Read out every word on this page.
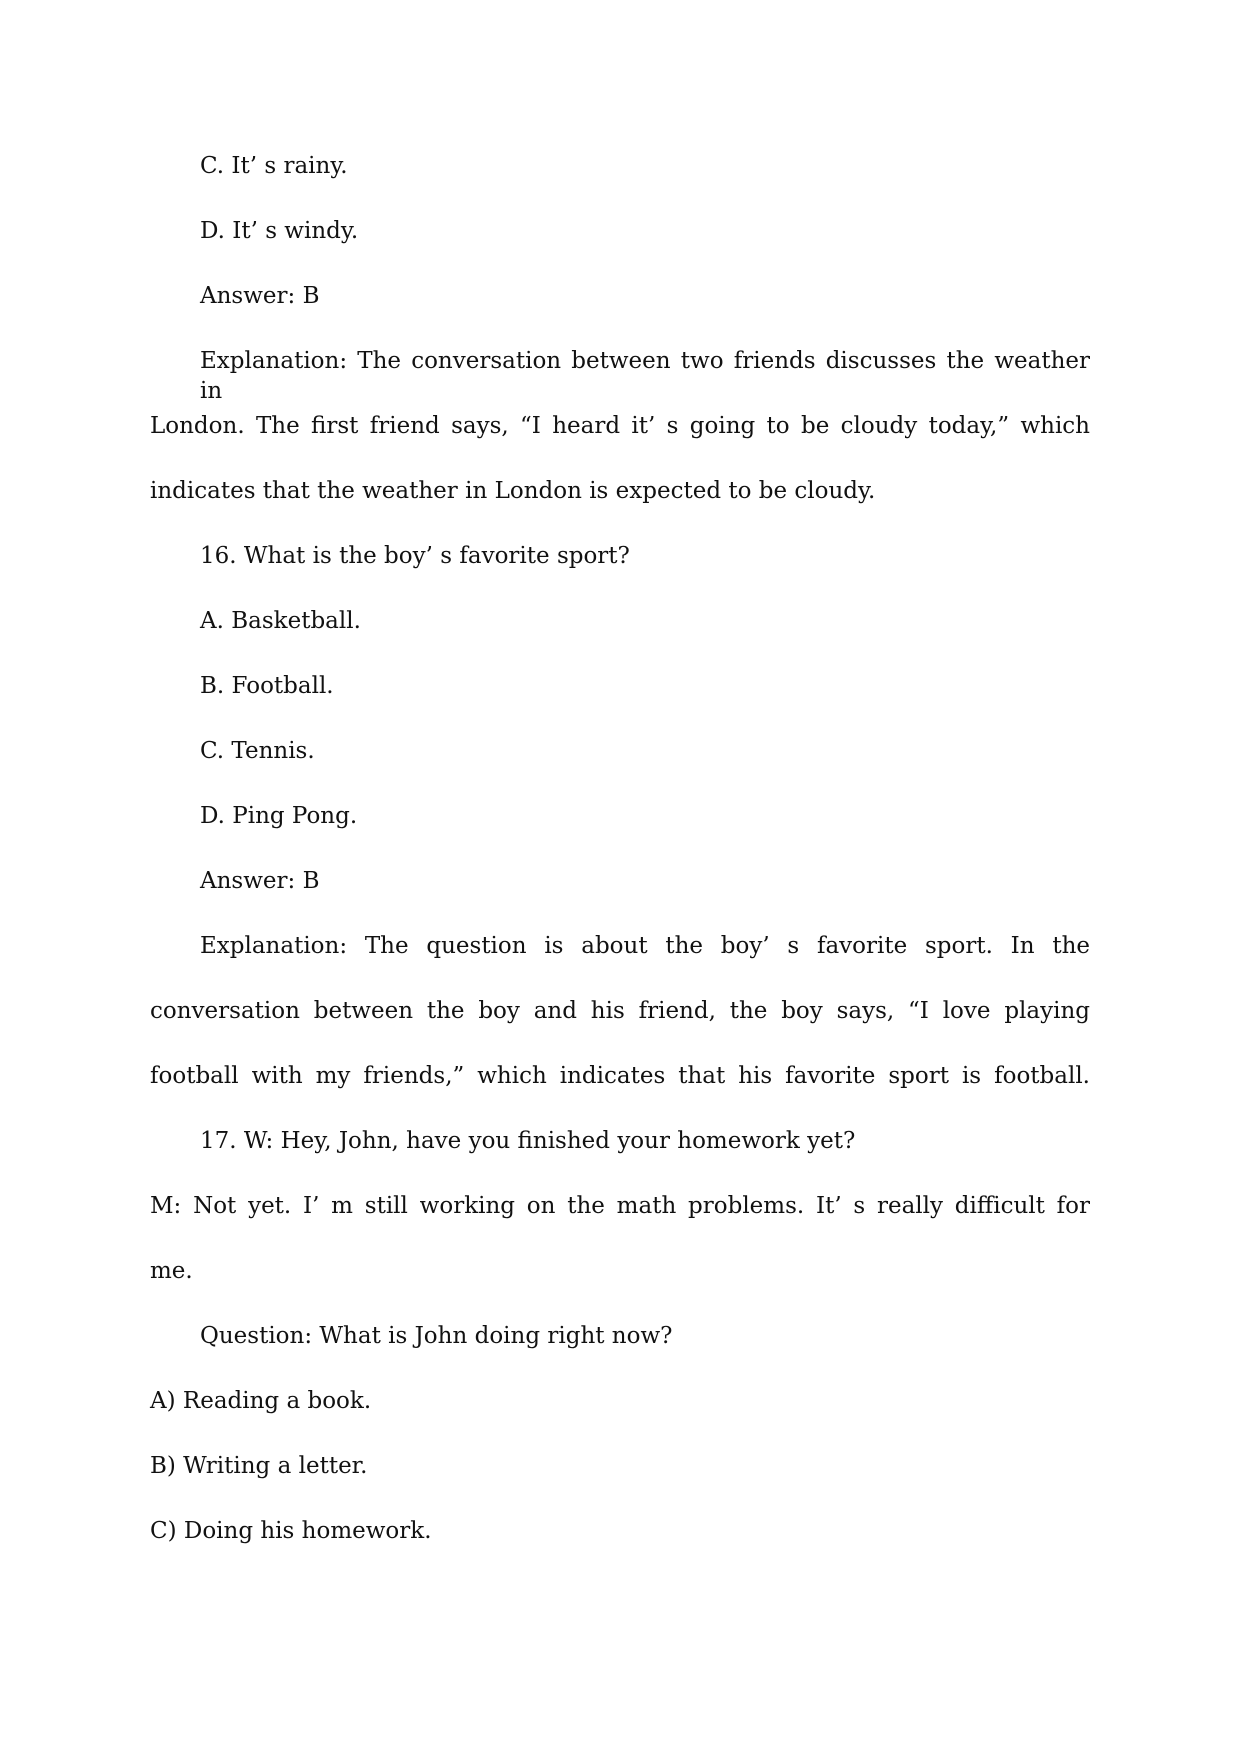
C. It’ s rainy.
D. It’ s windy.
Answer: B
Explanation: The conversation between two friends discusses the weather in
London. The first friend says, “I heard it’ s going to be cloudy today,” which
indicates that the weather in London is expected to be cloudy.
16. What is the boy’ s favorite sport?
A. Basketball.
B. Football.
C. Tennis.
D. Ping Pong.
Answer: B
Explanation: The question is about the boy’ s favorite sport. In the
conversation between the boy and his friend, the boy says, “I love playing
football with my friends,” which indicates that his favorite sport is football.
17. W: Hey, John, have you finished your homework yet?
M: Not yet. I’ m still working on the math problems. It’ s really difficult for
me.
Question: What is John doing right now?
A) Reading a book.
B) Writing a letter.
C) Doing his homework.
